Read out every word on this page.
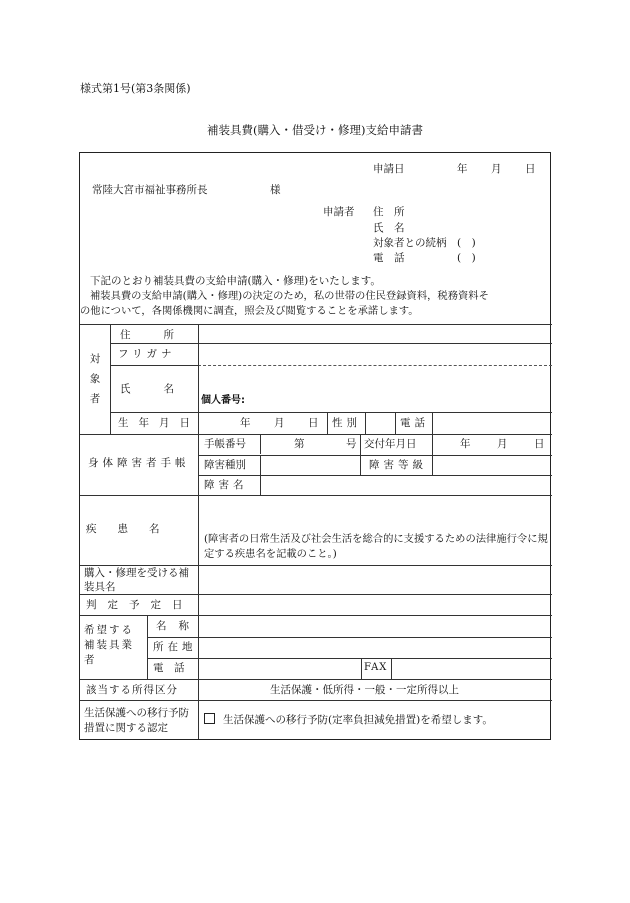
様式第1号(第3条関係)
補装具費(購入・借受け・修理)支給申請書
申請日	年 月 日
常陸大宮市福祉事務所長	様
申請者 住　所
氏　名
対象者との続柄　(　)
電　話　　　　　(　)
下記のとおり補装具費の支給申請(購入・修理)をいたします。
補装具費の支給申請(購入・修理)の決定のため，私の世帯の住民登録資料，税務資料そ
の他について，各関係機関に調査，照会及び閲覧することを承諾します。
対象者
住　　所
フリガナ
氏　　名
個人番号:
生年月日	年 月 日 性別	電話
身体障害者手帳
手帳番号	第	号 交付年月日	年	月	日
障害種別	障害等級
障害名
疾　　患　　名
(障害者の日常生活及び社会生活を総合的に支援するための法律施行令に規定する疾患名を記載のこと。)
購入・修理を受ける補装具名
判定予定日
希望する補装具業者
名称
所在地
電　話	FAX
該当する所得区分	生活保護・低所得・一般・一定所得以上
生活保護への移行予防措置に関する認定
生活保護への移行予防(定率負担減免措置)を希望します。
